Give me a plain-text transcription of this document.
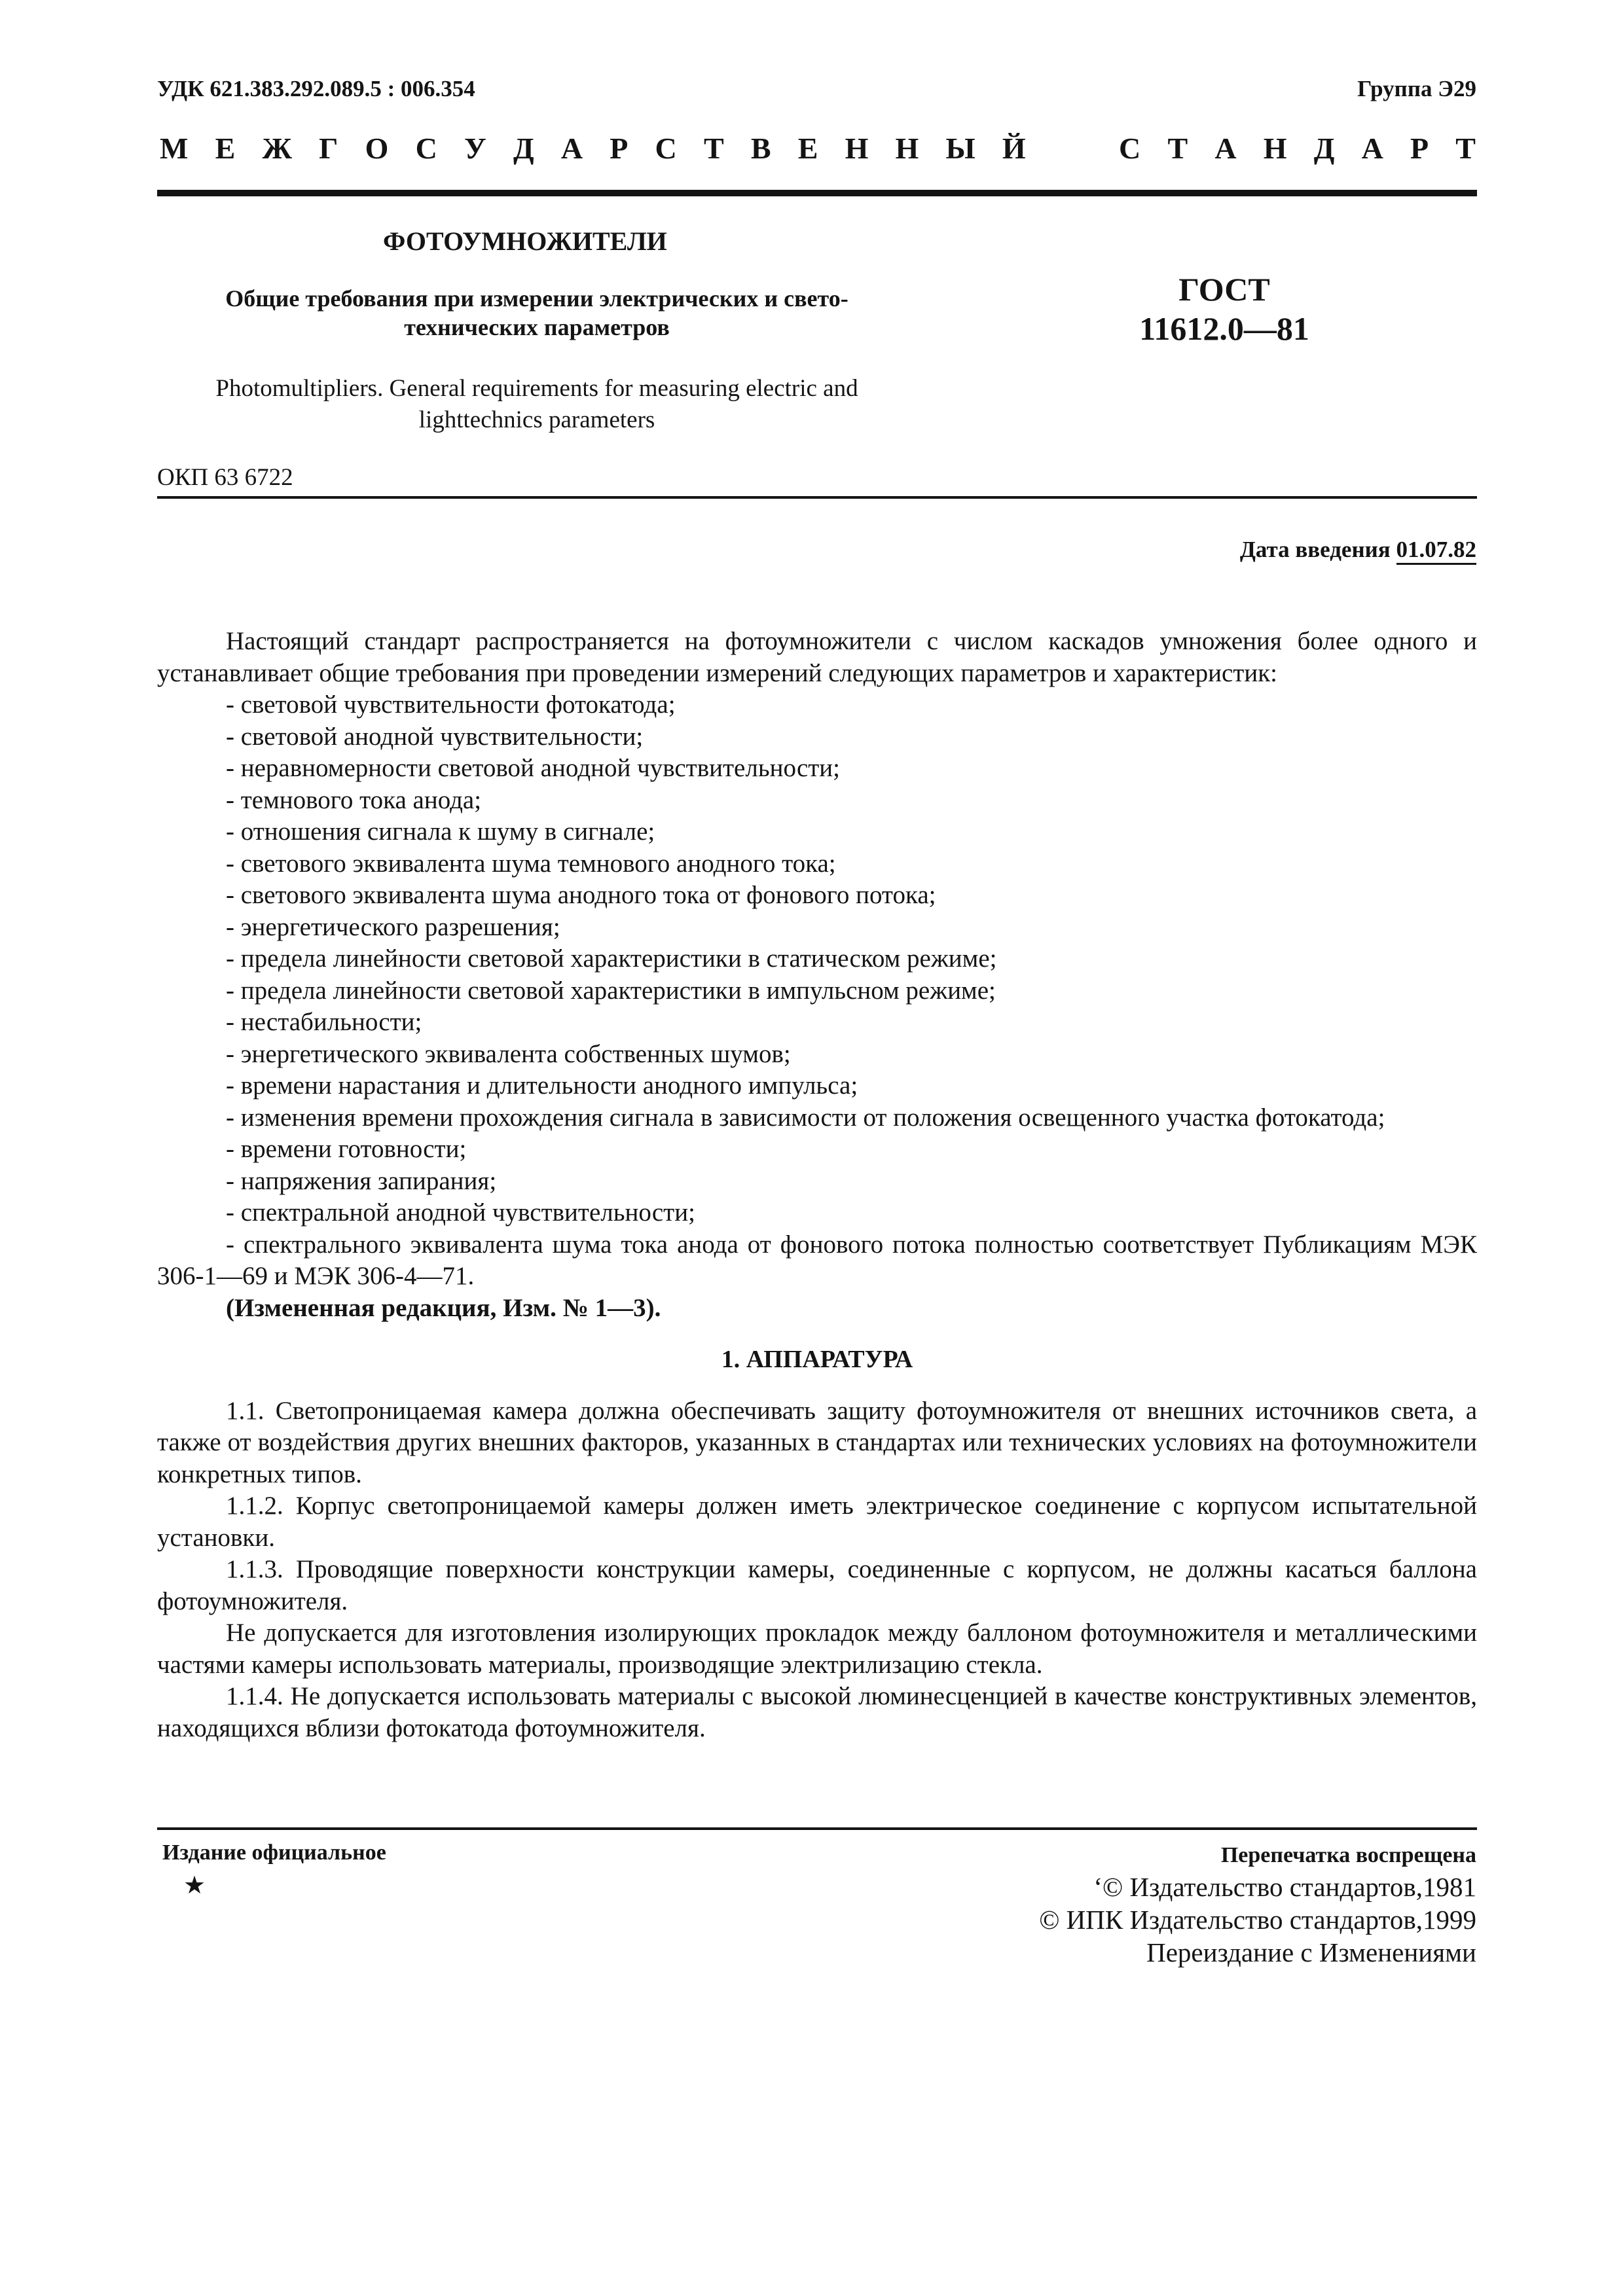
УДК 621.383.292.089.5 : 006.354	Группа Э29
М Е Ж Г О С У Д А Р С Т В Е Н Н Ы Й	С Т А Н Д А Р Т
ФОТОУМНОЖИТЕЛИ
Общие требования при измерении электрических и свето-
технических параметров
ГОСТ
11612.0—81
Photomultipliers. General requirements for measuring electric and
lighttechnics parameters
ОКП 63 6722
Дата введения 01.07.82

Настоящий стандарт распространяется на фотоумножители с числом каскадов умножения более одного и устанавливает общие требования при проведении измерений следующих параметров и характеристик:

- световой чувствительности фотокатода;

- световой анодной чувствительности;

- неравномерности световой анодной чувствительности;

- темнового тока анода;

- отношения сигнала к шуму в сигнале;

- светового эквивалента шума темнового анодного тока;

- светового эквивалента шума анодного тока от фонового потока;

- энергетического разрешения;

- предела линейности световой характеристики в статическом режиме;

- предела линейности световой характеристики в импульсном режиме;

- нестабильности;

- энергетического эквивалента собственных шумов;

- времени нарастания и длительности анодного импульса;

- изменения времени прохождения сигнала в зависимости от положения освещенного участка фотокатода;

- времени готовности;

- напряжения запирания;

- спектральной анодной чувствительности;

- спектрального эквивалента шума тока анода от фонового потока полностью соответствует Публикациям МЭК 306-1—69 и МЭК 306-4—71.

(Измененная редакция, Изм. № 1—3).

1. АППАРАТУРА

1.1. Светопроницаемая камера должна обеспечивать защиту фотоумножителя от внешних источников света, а также от воздействия других внешних факторов, указанных в стандартах или технических условиях на фотоумножители конкретных типов.

1.1.2. Корпус светопроницаемой камеры должен иметь электрическое соединение с корпусом испытательной установки.

1.1.3. Проводящие поверхности конструкции камеры, соединенные с корпусом, не должны касаться баллона фотоумножителя.

Не допускается для изготовления изолирующих прокладок между баллоном фотоумножителя и металлическими частями камеры использовать материалы, производящие электрилизацию стекла.

1.1.4. Не допускается использовать материалы с высокой люминесценцией в качестве конструктивных элементов, находящихся вблизи фотокатода фотоумножителя.

Издание официальное
★
Перепечатка воспрещена
‘© Издательство стандартов,1981
© ИПК Издательство стандартов,1999
Переиздание с Изменениями
